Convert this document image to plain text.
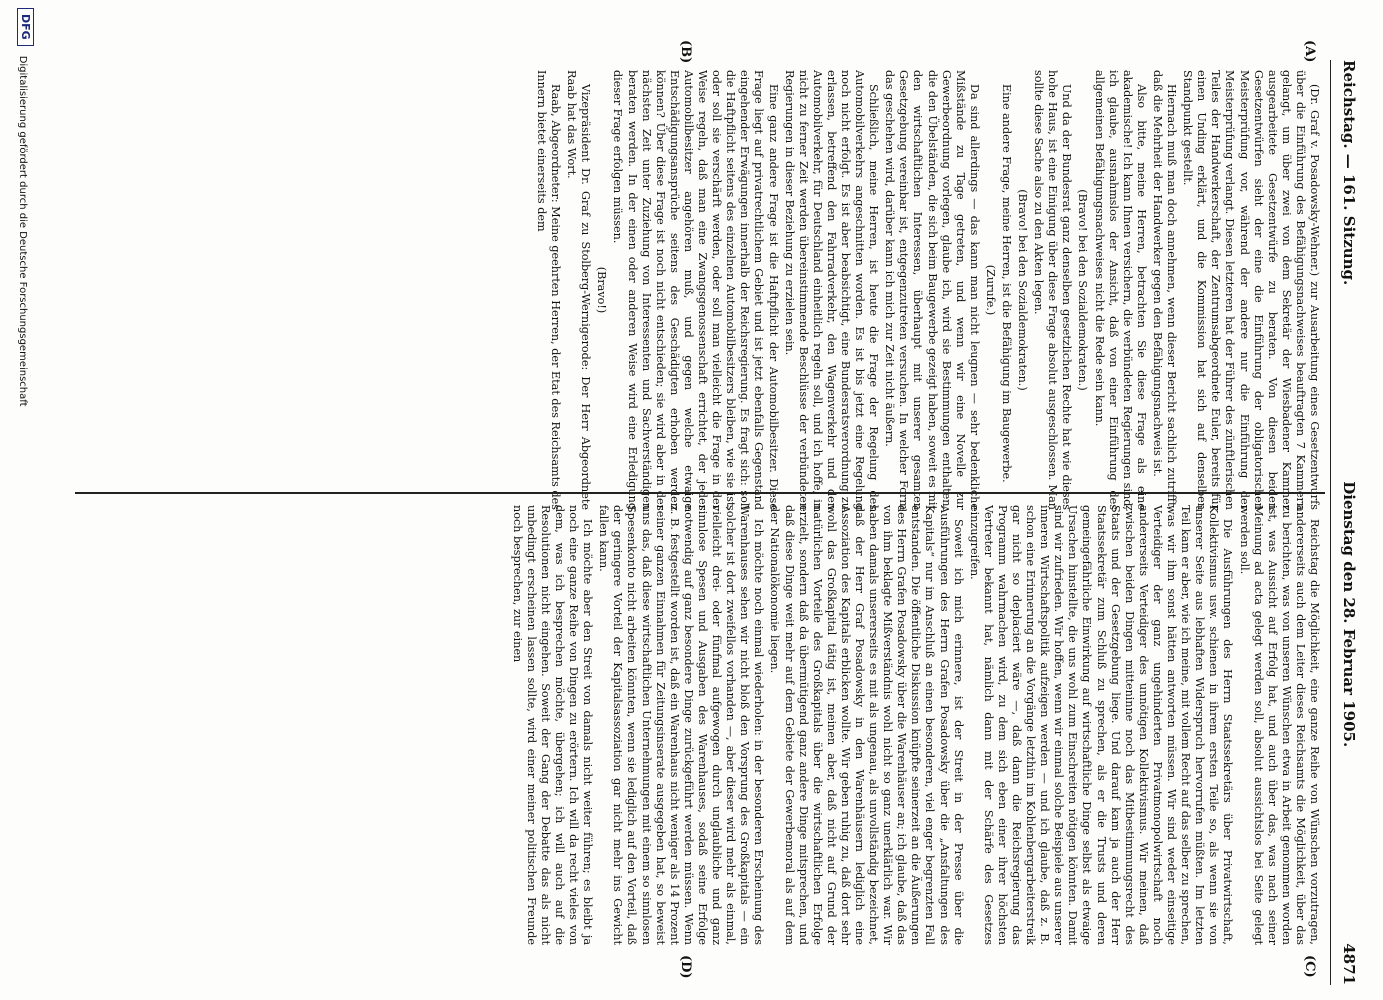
Reichstag. — 161. Sitzung.
Dienstag den 28. Februar 1905.
4871
(A)
(B)
(C)
(D)

(Dr. Graf v. Posadowsky-Wehner.) zur Ausarbeitung eines Gesetzentwurfs über die Einführung des Befähigungsnachweises beauftragten 7 Kammern gelangt, um über zwei von dem Sekretär der Wiesbadener Kammer ausgearbeitete Gesetzentwürfe zu beraten. Von diesen beiden Gesetzentwürfen sieht der eine die Einführung der obligatorischen Meisterprüfung vor, während der andere nur die Einführung der Meisterprüfung verlangt. Diesen letzteren hat der Führer des zünftlerischen Teiles der Handwerkerschaft, der Zentrumsabgeordnete Euler, bereits für einen Unding erklärt, und die Kommission hat sich auf denselben Standpunkt gestellt.

Hiernach muß man doch annehmen, wenn dieser Bericht sachlich zutrifft, daß die Mehrheit der Handwerker gegen den Befähigungsnachweis ist.

Also bitte, meine Herren, betrachten Sie diese Frage als eine akademische! Ich kann Ihnen versichern, die verbündeten Regierungen sind, ich glaube, ausnahmslos der Ansicht, daß von einer Einführung des allgemeinen Befähigungsnachweises nicht die Rede sein kann.

(Bravo! bei den Sozialdemokraten.)

Und da der Bundesrat ganz denselben gesetzlichen Rechte hat wie dieses hohe Haus, ist eine Einigung über diese Frage absolut ausgeschlossen. Man sollte diese Sache also zu den Akten legen.

(Bravo! bei den Sozialdemokraten.)

Eine andere Frage, meine Herren, ist die Befähigung im Baugewerbe.

(Zurufe.)

Da sind allerdings — das kann man nicht leugnen — sehr bedenkliche Mißstände zu Tage getreten, und wenn wir eine Novelle zur Gewerbeordnung vorlegen, glaube ich, wird sie Bestimmungen enthalten, die den Übelständen, die sich beim Baugewerbe gezeigt haben, soweit es mit den wirtschaftlichen Interessen, überhaupt mit unserer gesamten Gesetzgebung vereinbar ist, entgegenzutreten versuchen. In welcher Form das geschehen wird, darüber kann ich mich zur Zeit nicht äußern.

Schließlich, meine Herren, ist heute die Frage der Regelung des Automobilverkehrs angeschnitten worden. Es ist bis jetzt eine Regelung noch nicht erfolgt. Es ist aber beabsichtigt, eine Bundesratsverordnung zu erlassen, betreffend den Fahrradverkehr, den Wagenverkehr und den Automobilverkehr, für Deutschland einheitlich regeln soll, und ich hoffe, in nicht zu ferner Zeit werden übereinstimmende Beschlüsse der verbündeten Regierungen in dieser Beziehung zu erzielen sein.

Eine ganz andere Frage ist die Haftpflicht der Automobilbesitzer. Diese Frage liegt auf privatrechtlichem Gebiet und ist jetzt ebenfalls Gegenstand eingehender Erwägungen innerhalb der Reichsregierung. Es fragt sich: soll die Haftpflicht seitens des einzelnen Automobilbesitzers bleiben, wie sie ist, oder soll sie verschärft werden, oder soll man vielleicht die Frage in der Weise regeln, daß man eine Zwangsgenossenschaft errichtet, der jeder Automobilbesitzer angehören muß, und gegen welche etwaige Entschädigungsansprüche seitens des Geschädigten erhoben werden können? Über diese Frage ist noch nicht entschieden; sie wird aber in der nächsten Zeit unter Zuziehung von Interessenten und Sachverständigen beraten werden. In der einen oder anderen Weise wird eine Erledigung dieser Frage erfolgen müssen.

(Bravo!)

Vizepräsident Dr. Graf zu Stolberg-Wernigerode: Der Herr Abgeordnete Raab hat das Wort.

Raab, Abgeordneter: Meine geehrten Herren, der Etat des Reichsamts des Innern bietet einerseits dem

Reichstag die Möglichkeit, eine ganze Reihe von Wünschen vorzutragen, andererseits auch dem Leiter dieses Reichsamts die Möglichkeit, über das zu berichten, was von unseren Wünschen etwa in Arbeit genommen worden ist, was Aussicht auf Erfolg hat, und auch über das, was nach seiner Meinung ad acta gelegt werden soll, absolut aussichtslos bei Seite gelegt werden soll.

Die Ausführungen des Herrn Staatssekretärs über Privatwirtschaft, Kollektivismus usw. schienen in ihrem ersten Teile so, als wenn sie von unserer Seite aus lebhaften Widerspruch hervorrufen müßten. Im letzten Teil kam er aber, wie ich meine, mit vollem Recht auf das selber zu sprechen, was wir ihm sonst hätten antworten müssen. Wir sind weder einseitige Verteidiger der ganz ungehinderten Privatmonopolwirtschaft noch andererseits Verteidiger des unnötigen Kollektivismus. Wir meinen, daß zwischen beiden Dingen mitteninne noch das Mitbestimmungsrecht des Staats und der Gesetzgebung liege. Und darauf kam ja auch der Herr Staatssekretär zum Schluß zu sprechen, als er die Trusts und deren gemeingefährliche Einwirkung auf wirtschaftliche Dinge selbst als etwaige Ursachen hinstellte, die uns wohl zum Einschreiten nötigen könnten. Damit sind wir zufrieden. Wir hoffen, wenn wir einmal solche Beispiele aus unserer inneren Wirtschaftspolitik aufzeigen werden — und ich glaube, daß z. B. schon eine Erinnerung an die Vorgänge letzthin im Kohlenbergarbeiterstreik gar nicht so deplaciert wäre —, daß dann die Reichsregierung das Programm wahrmachen wird, zu dem sich eben einer ihrer höchsten Vertreter bekannt hat, nämlich dann mit der Schärfe des Gesetzes einzugreifen.

Soweit ich mich erinnere, ist der Streit in der Presse über die Ausführungen des Herrn Grafen Posadowsky über die „Ansfaltungen des Kapitals“ nur im Anschluß an einen besonderen, viel enger begrenzten Fall entstanden. Die öffentliche Diskussion knüpfte seinerzeit an die Äußerungen des Herrn Grafen Posadowsky über die Warenhäuser an; ich glaube, daß das von ihm beklagte Mißverständnis wohl nicht so ganz unerklärlich war. Wir haben damals unsererseits es mit als ungenau, als unvollständig bezeichnet, daß der Herr Graf Posadowsky in den Warenhäusern lediglich eine Assoziation des Kapitals erblicken wollte. Wir geben ruhig zu, daß dort sehr wohl das Großkapital tätig ist, meinen aber, daß nicht auf Grund der natürlichen Vorteile des Großkapitals über die wirtschaftlichen Erfolge erzielt, sondern daß da übermütigend ganz andere Dinge mitsprechen, und daß diese Dinge weit mehr auf dem Gebiete der Gewerbemoral als auf dem der Nationalökonomie liegen.

Ich möchte noch einmal wiederholen: in der besonderen Erscheinung des Warenhauses sehen wir nicht bloß den Vorsprung des Großkapitals — ein solcher ist dort zweifellos vorhanden —, aber dieser wird mehr als einmal, vielleicht drei- oder fünfmal aufgewogen durch unglaubliche und ganz sinnlose Spesen und Ausgaben des Warenhauses, sodaß seine Erfolge notwendig auf ganz besondere Dinge zurückgeführt werden müssen. Wenn z. B. festgestellt worden ist, daß ein Warenhaus nicht weniger als 14 Prozent seiner ganzen Einnahmen für Zeitungsinserate ausgegeben hat, so beweist uns das, daß diese wirtschaftlichen Unternehmungen mit einem so sinnlosen Spesenkonto nicht arbeiten könnten, wenn sie lediglich auf den Vorteil, daß der geringere Vorteil der Kapitalsassoziation gar nicht mehr ins Gewicht fallen kann.

Ich möchte aber den Streit von damals nicht weiter führen; es bleibt ja noch eine ganze Reihe von Dingen zu erörtern. Ich will da recht vieles von dem, was ich besprechen möchte, übergehen; ich will auch auf die Resolutionen nicht eingehen. Soweit der Gang der Debatte das als nicht unbedingt erscheinen lassen sollte, wird einer meiner politischen Freunde noch besprechen, zur einen

DFG
Digitalisierung gefördert durch die Deutsche Forschungsgemeinschaft
